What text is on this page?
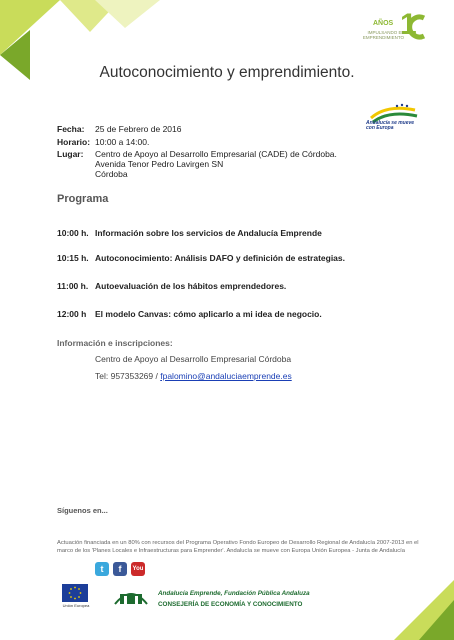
1
AÑOS
IMPULSANDO EL EMPRENDIMIENTO
Autoconocimiento y emprendimiento.
Andalucía se mueve con Europa
Fecha: 25 de Febrero de 2016
Horario: 10:00 a 14:00.
Lugar: Centro de Apoyo al Desarrollo Empresarial (CADE) de Córdoba.
Avenida Tenor Pedro Lavirgen SN
Córdoba
Programa
10:00 h. Información sobre los servicios de Andalucía Emprende
10:15 h. Autoconocimiento: Análisis DAFO y definición de estrategias.
11:00 h. Autoevaluación de los hábitos emprendedores.
12:00 h El modelo Canvas: cómo aplicarlo a mi idea de negocio.
Información e inscripciones:
Centro de Apoyo al Desarrollo Empresarial Córdoba
Tel: 957353269 / fpalomino@andaluciaemprende.es
Síguenos en...
Actuación financiada en un 80% con recursos del Programa Operativo Fondo Europeo de Desarrollo Regional de Andalucía 2007-2013 en el marco de los 'Planes Locales e Infraestructuras para Emprender'. Andalucía se mueve con Europa Unión Europea - Junta de Andalucía
t	f	You
Unión Europea
Andalucía Emprende, Fundación Pública Andaluza
CONSEJERÍA DE ECONOMÍA Y CONOCIMIENTO
